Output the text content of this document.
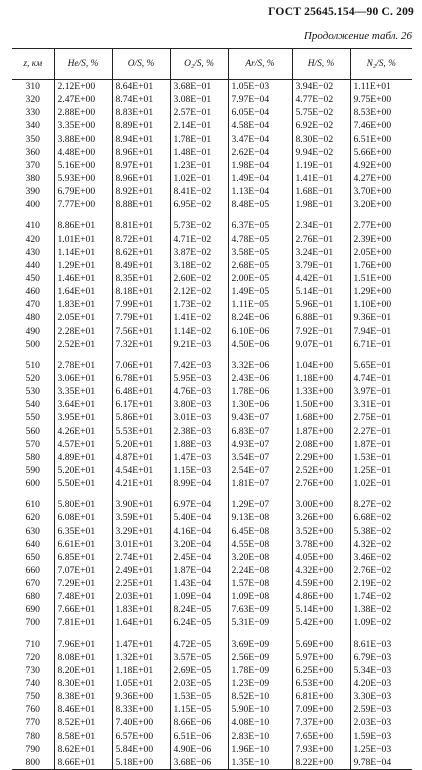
ГОСТ 25645.154—90 С. 209
Продолжение табл. 26
z, км	He/S, %	O/S, %	O₂/S, %	Ar/S, %	H/S, %	N₂/S, %
310	2.12E+00	8.64E+01	3.68E−01	1.05E−03	3.94E−02	1.11E+01
320	2.47E+00	8.74E+01	3.08E−01	7.97E−04	4.77E−02	9.75E+00
330	2.88E+00	8.83E+01	2.57E−01	6.05E−04	5.75E−02	8.53E+00
340	3.35E+00	8.89E+01	2.14E−01	4.58E−04	6.92E−02	7.46E+00
350	3.88E+00	8.94E+01	1.78E−01	3.47E−04	8.30E−02	6.51E+00
360	4.48E+00	8.96E+01	1.48E−01	2.62E−04	9.94E−02	5.66E+00
370	5.16E+00	8.97E+01	1.23E−01	1.98E−04	1.19E−01	4.92E+00
380	5.93E+00	8.96E+01	1.02E−01	1.49E−04	1.41E−01	4.27E+00
390	6.79E+00	8.92E+01	8.41E−02	1.13E−04	1.68E−01	3.70E+00
400	7.77E+00	8.88E+01	6.95E−02	8.48E−05	1.98E−01	3.20E+00

410	8.86E+01	8.81E+01	5.73E−02	6.37E−05	2.34E−01	2.77E+00
420	1.01E+01	8.72E+01	4.71E−02	4.78E−05	2.76E−01	2.39E+00
430	1.14E+01	8.62E+01	3.87E−02	3.58E−05	3.24E−01	2.05E+00
440	1.29E+01	8.49E+01	3.18E−02	2.68E−05	3.79E−01	1.76E+00
450	1.46E+01	8.35E+01	2.60E−02	2.00E−05	4.42E−01	1.51E+00
460	1.64E+01	8.18E+01	2.12E−02	1.49E−05	5.14E−01	1.29E+00
470	1.83E+01	7.99E+01	1.73E−02	1.11E−05	5.96E−01	1.10E+00
480	2.05E+01	7.79E+01	1.41E−02	8.24E−06	6.88E−01	9.36E−01
490	2.28E+01	7.56E+01	1.14E−02	6.10E−06	7.92E−01	7.94E−01
500	2.52E+01	7.32E+01	9.21E−03	4.50E−06	9.07E−01	6.71E−01

510	2.78E+01	7.06E+01	7.42E−03	3.32E−06	1.04E+00	5.65E−01
520	3.06E+01	6.78E+01	5.95E−03	2.43E−06	1.18E+00	4.74E−01
530	3.35E+01	6.48E+01	4.76E−03	1.78E−06	1.33E+00	3.97E−01
540	3.64E+01	6.17E+01	3.80E−03	1.30E−06	1.50E+00	3.31E−01
550	3.95E+01	5.86E+01	3.01E−03	9.43E−07	1.68E+00	2.75E−01
560	4.26E+01	5.53E+01	2.38E−03	6.83E−07	1.87E+00	2.27E−01
570	4.57E+01	5.20E+01	1.88E−03	4.93E−07	2.08E+00	1.87E−01
580	4.89E+01	4.87E+01	1.47E−03	3.54E−07	2.29E+00	1.53E−01
590	5.20E+01	4.54E+01	1.15E−03	2.54E−07	2.52E+00	1.25E−01
600	5.50E+01	4.21E+01	8.99E−04	1.81E−07	2.76E+00	1.02E−01

610	5.80E+01	3.90E+01	6.97E−04	1.29E−07	3.00E+00	8.27E−02
620	6.08E+01	3.59E+01	5.40E−04	9.13E−08	3.26E+00	6.68E−02
630	6.35E+01	3.29E+01	4.16E−04	6.45E−08	3.52E+00	5.38E−02
640	6.61E+01	3.01E+01	3.20E−04	4.55E−08	3.78E+00	4.32E−02
650	6.85E+01	2.74E+01	2.45E−04	3.20E−08	4.05E+00	3.46E−02
660	7.07E+01	2.49E+01	1.87E−04	2.24E−08	4.32E+00	2.76E−02
670	7.29E+01	2.25E+01	1.43E−04	1.57E−08	4.59E+00	2.19E−02
680	7.48E+01	2.03E+01	1.09E−04	1.09E−08	4.86E+00	1.74E−02
690	7.66E+01	1.83E+01	8.24E−05	7.63E−09	5.14E+00	1.38E−02
700	7.81E+01	1.64E+01	6.24E−05	5.31E−09	5.42E+00	1.09E−02

710	7.96E+01	1.47E+01	4.72E−05	3.69E−09	5.69E+00	8.61E−03
720	8.08E+01	1.32E+01	3.57E−05	2.56E−09	5.97E+00	6.79E−03
730	8.20E+01	1.18E+01	2.69E−05	1.78E−09	6.25E+00	5.34E−03
740	8.30E+01	1.05E+01	2.03E−05	1.23E−09	6.53E+00	4.20E−03
750	8.38E+01	9.36E+00	1.53E−05	8.52E−10	6.81E+00	3.30E−03
760	8.46E+01	8.33E+00	1.15E−05	5.90E−10	7.09E+00	2.59E−03
770	8.52E+01	7.40E+00	8.66E−06	4.08E−10	7.37E+00	2.03E−03
780	8.58E+01	6.57E+00	6.51E−06	2.83E−10	7.65E+00	1.59E−03
790	8.62E+01	5.84E+00	4.90E−06	1.96E−10	7.93E+00	1.25E−03
800	8.66E+01	5.18E+00	3.68E−06	1.35E−10	8.22E+00	9.78E−04
